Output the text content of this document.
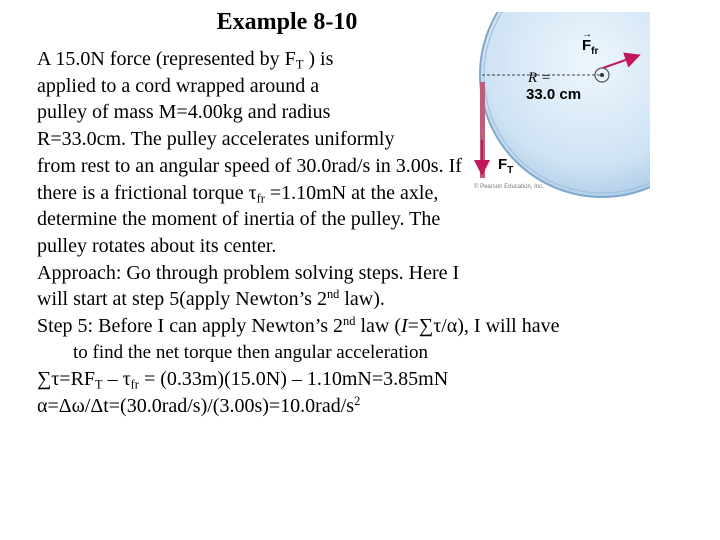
Example 8-10
$F_{fr}$
→
R =
33.0 cm
$F_T$
© Pearson Education, Inc.
A 15.0N force (represented by $F_T$ ) is
applied to a cord wrapped around a
pulley of mass M=4.00kg and radius
R=33.0cm. The pulley accelerates uniformly
from rest to an angular speed of 30.0rad/s in 3.00s. If
there is a frictional torque $\tau_{fr} =1.10mN$ at the axle,
determine the moment of inertia of the pulley. The
pulley rotates about its center.
Approach: Go through problem solving steps. Here I
will start at step 5(apply Newton’s 2nd law).
Step 5: Before I can apply Newton’s 2nd law (I=∑τ/α), I will have
to find the net torque then angular acceleration
$\sum\tau=RF_T - \tau_{fr} = (0.33m)(15.0N) - 1.10mN=3.85mN$
$\alpha=\Delta\omega/\Delta t=(30.0rad/s)/(3.00s)=10.0rad/s^2$
